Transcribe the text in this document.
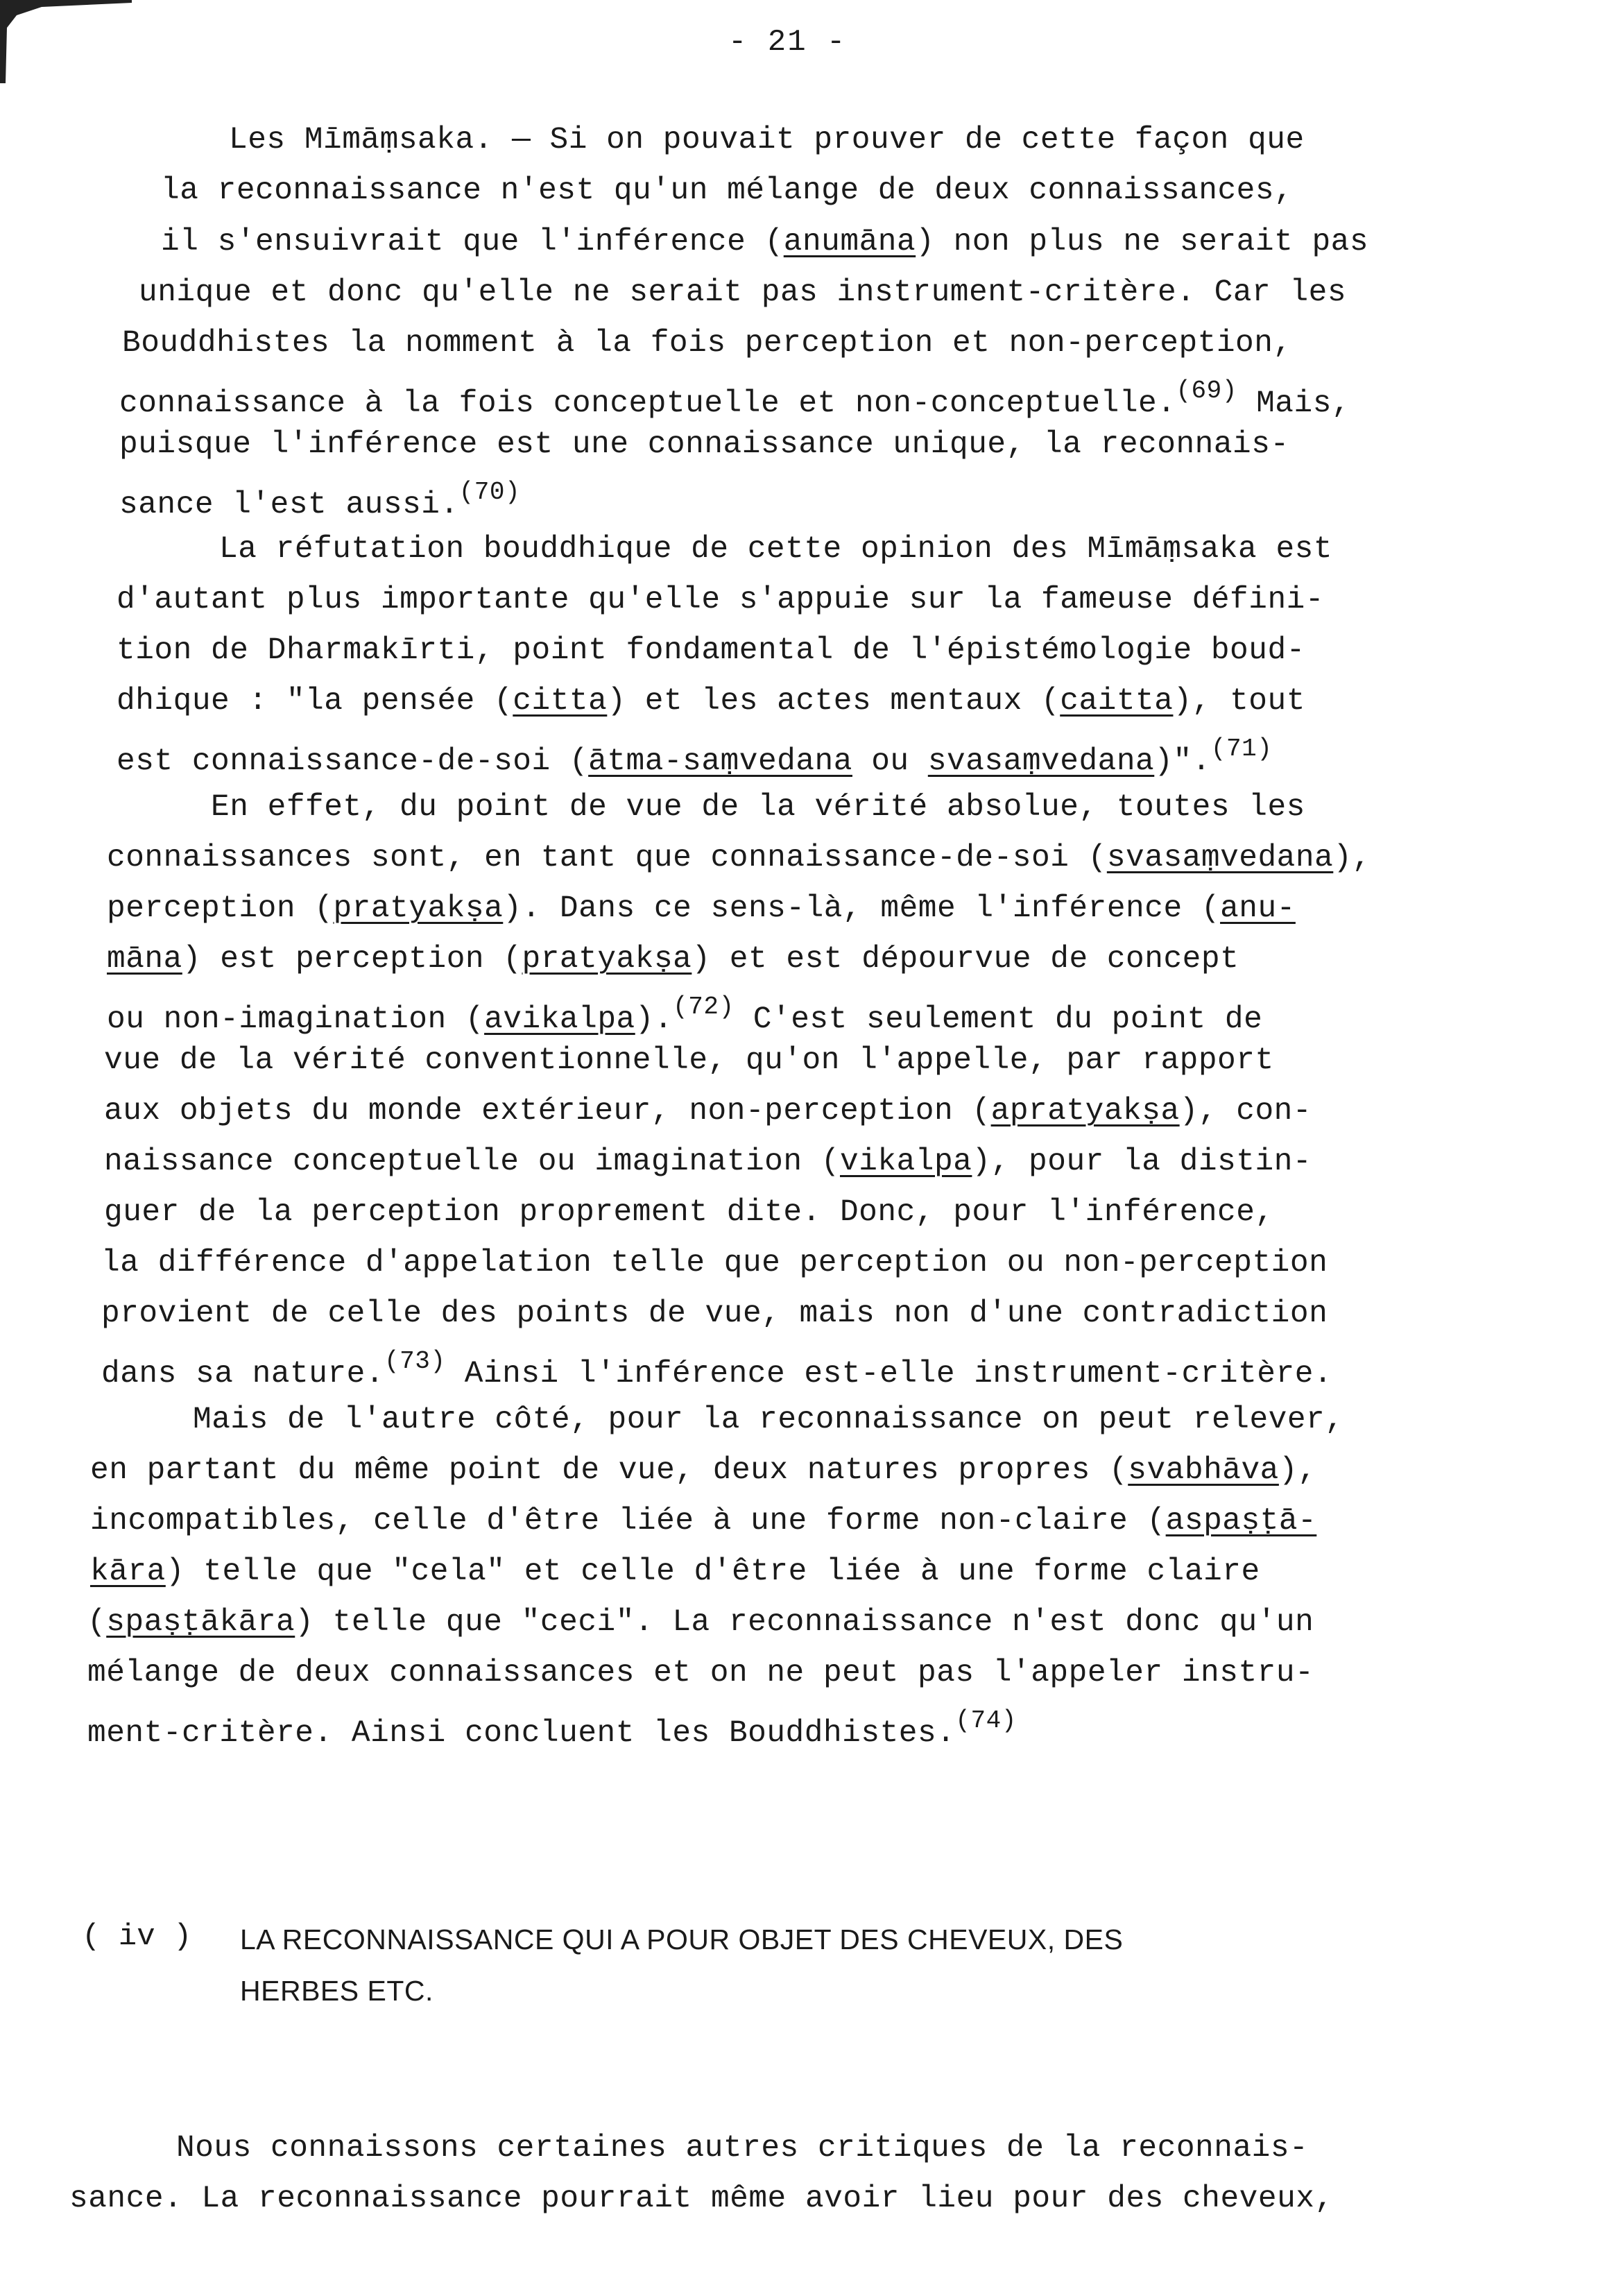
- 21 -
Les Mīmāṃsaka. — Si on pouvait prouver de cette façon que
la reconnaissance n'est qu'un mélange de deux connaissances,
il s'ensuivrait que l'inférence (anumāna) non plus ne serait pas
unique et donc qu'elle ne serait pas instrument-critère. Car les
Bouddhistes la nomment à la fois perception et non-perception,
connaissance à la fois conceptuelle et non-conceptuelle.$^{(69)}$ Mais,
puisque l'inférence est une connaissance unique, la reconnais-
sance l'est aussi.$^{(70)}$
La réfutation bouddhique de cette opinion des Mīmāṃsaka est
d'autant plus importante qu'elle s'appuie sur la fameuse défini-
tion de Dharmakīrti, point fondamental de l'épistémologie boud-
dhique : "la pensée (citta) et les actes mentaux (caitta), tout
est connaissance-de-soi (ātma-saṃvedana ou svasaṃvedana)".$^{(71)}$
En effet, du point de vue de la vérité absolue, toutes les
connaissances sont, en tant que connaissance-de-soi (svasaṃvedana),
perception (pratyakṣa). Dans ce sens-là, même l'inférence (anu-
māna) est perception (pratyakṣa) et est dépourvue de concept
ou non-imagination (avikalpa).$^{(72)}$ C'est seulement du point de
vue de la vérité conventionnelle, qu'on l'appelle, par rapport
aux objets du monde extérieur, non-perception (apratyakṣa), con-
naissance conceptuelle ou imagination (vikalpa), pour la distin-
guer de la perception proprement dite. Donc, pour l'inférence,
la différence d'appelation telle que perception ou non-perception
provient de celle des points de vue, mais non d'une contradiction
dans sa nature.$^{(73)}$ Ainsi l'inférence est-elle instrument-critère.
Mais de l'autre côté, pour la reconnaissance on peut relever,
en partant du même point de vue, deux natures propres (svabhāva),
incompatibles, celle d'être liée à une forme non-claire (aspaṣṭā-
kāra) telle que "cela" et celle d'être liée à une forme claire
(spaṣṭākāra) telle que "ceci". La reconnaissance n'est donc qu'un
mélange de deux connaissances et on ne peut pas l'appeler instru-
ment-critère. Ainsi concluent les Bouddhistes.$^{(74)}$
( iv ) LA RECONNAISSANCE QUI A POUR OBJET DES CHEVEUX, DES
HERBES ETC.
Nous connaissons certaines autres critiques de la reconnais-
sance. La reconnaissance pourrait même avoir lieu pour des cheveux,
